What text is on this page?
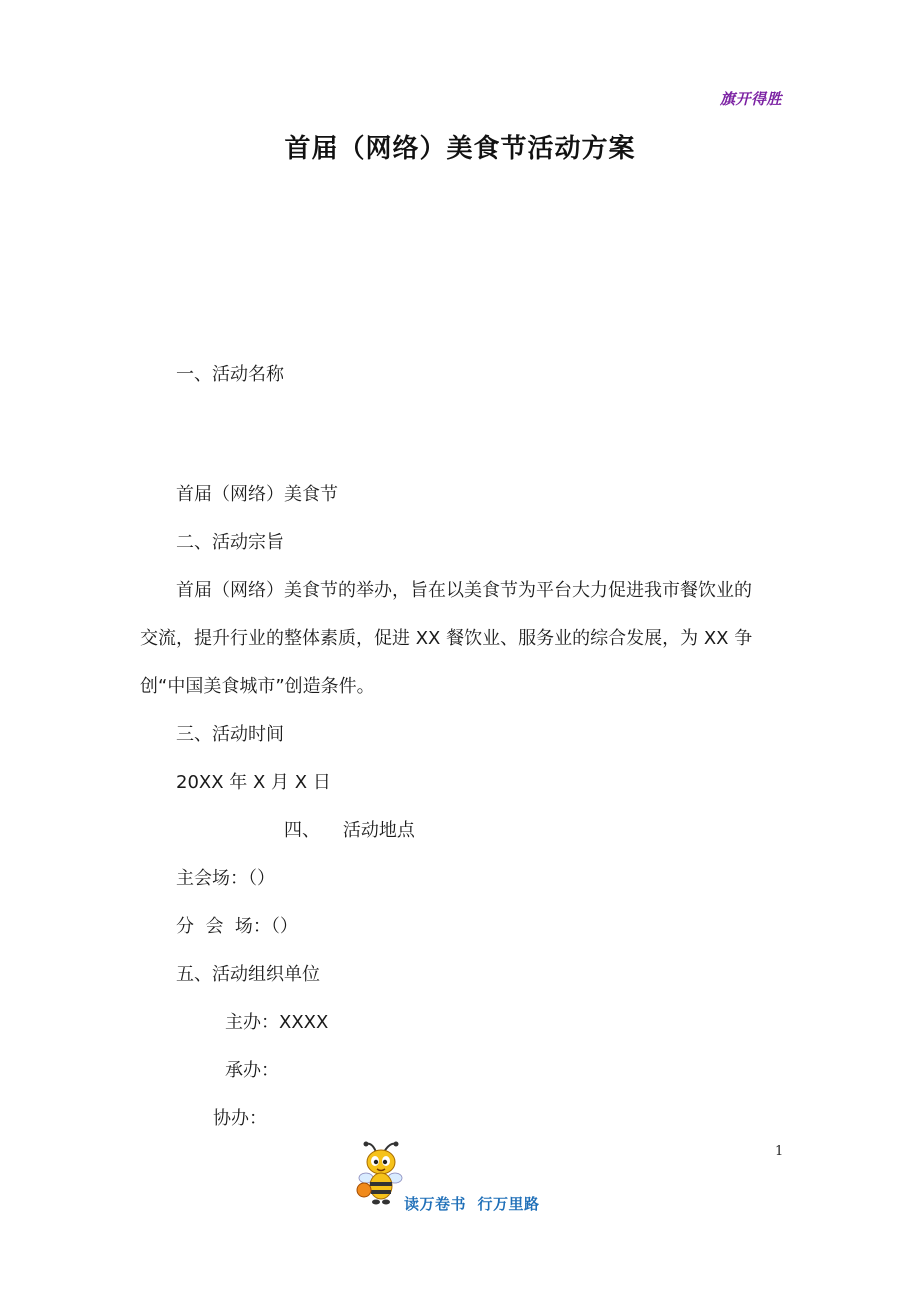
旗开得胜
首届（网络）美食节活动方案
一、活动名称
首届（网络）美食节
二、活动宗旨
首届（网络）美食节的举办，旨在以美食节为平台大力促进我市餐饮业的
交流，提升行业的整体素质，促进 XX 餐饮业、服务业的综合发展，为 XX 争
创“中国美食城市”创造条件。
三、活动时间
20XX 年 X 月 X 日
四、    活动地点
主会场：（）
分  会  场：（）
五、活动组织单位
主办：XXXX
承办：
协办：
1
读万卷书  行万里路
